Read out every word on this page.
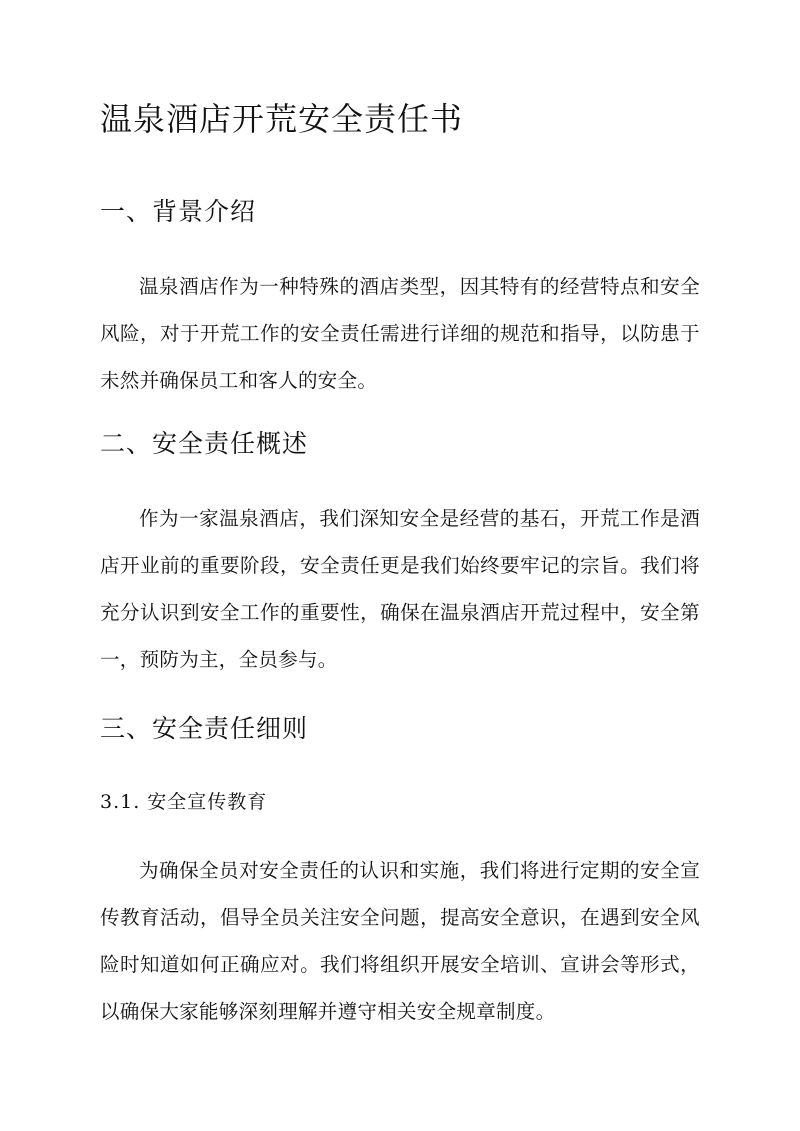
温泉酒店开荒安全责任书
一、背景介绍

温泉酒店作为一种特殊的酒店类型，因其特有的经营特点和安全风险，对于开荒工作的安全责任需进行详细的规范和指导，以防患于未然并确保员工和客人的安全。

二、安全责任概述

作为一家温泉酒店，我们深知安全是经营的基石，开荒工作是酒店开业前的重要阶段，安全责任更是我们始终要牢记的宗旨。我们将充分认识到安全工作的重要性，确保在温泉酒店开荒过程中，安全第一，预防为主，全员参与。

三、安全责任细则
3.1. 安全宣传教育

为确保全员对安全责任的认识和实施，我们将进行定期的安全宣传教育活动，倡导全员关注安全问题，提高安全意识，在遇到安全风险时知道如何正确应对。我们将组织开展安全培训、宣讲会等形式，以确保大家能够深刻理解并遵守相关安全规章制度。
